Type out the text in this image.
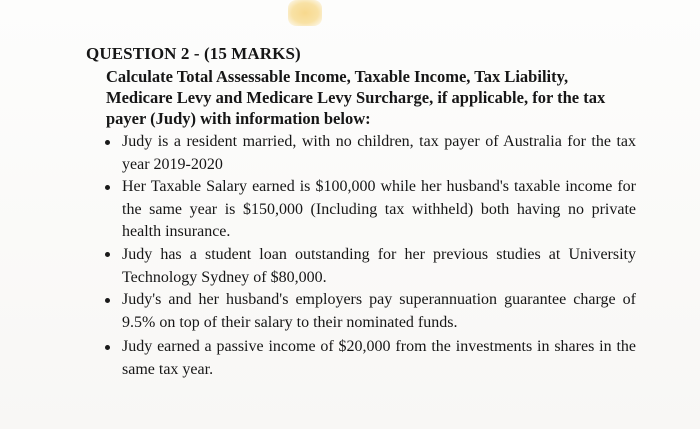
QUESTION 2 - (15 MARKS)
Calculate Total Assessable Income, Taxable Income, Tax Liability, Medicare Levy and Medicare Levy Surcharge, if applicable, for the tax payer (Judy) with information below:
Judy is a resident married, with no children, tax payer of Australia for the tax year 2019-2020
Her Taxable Salary earned is $100,000 while her husband's taxable income for the same year is $150,000 (Including tax withheld) both having no private health insurance.
Judy has a student loan outstanding for her previous studies at University Technology Sydney of $80,000.
Judy's and her husband's employers pay superannuation guarantee charge of 9.5% on top of their salary to their nominated funds.
Judy earned a passive income of $20,000 from the investments in shares in the same tax year.
